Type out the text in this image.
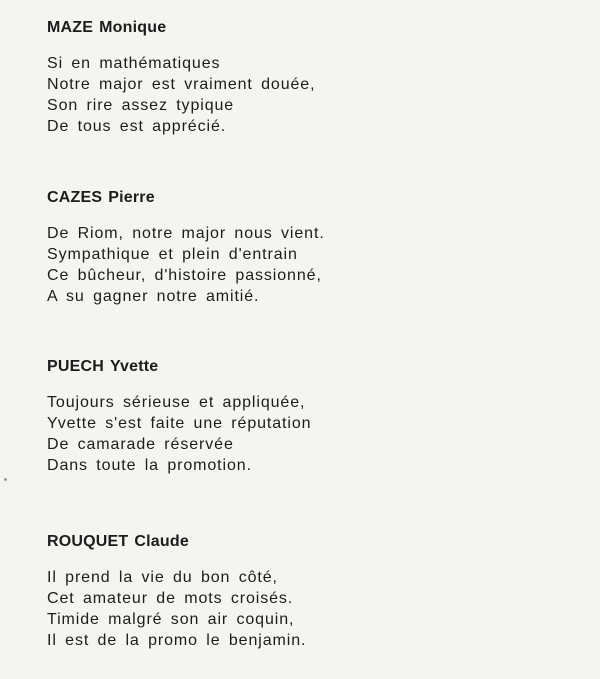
MAZE Monique
Si en mathématiques
Notre major est vraiment douée,
Son rire assez typique
De tous est apprécié.
CAZES Pierre
De Riom, notre major nous vient.
Sympathique et plein d'entrain
Ce bûcheur, d'histoire passionné,
A su gagner notre amitié.
PUECH Yvette
Toujours sérieuse et appliquée,
Yvette s'est faite une réputation
De camarade réservée
Dans toute la promotion.
ROUQUET Claude
Il prend la vie du bon côté,
Cet amateur de mots croisés.
Timide malgré son air coquin,
Il est de la promo le benjamin.
